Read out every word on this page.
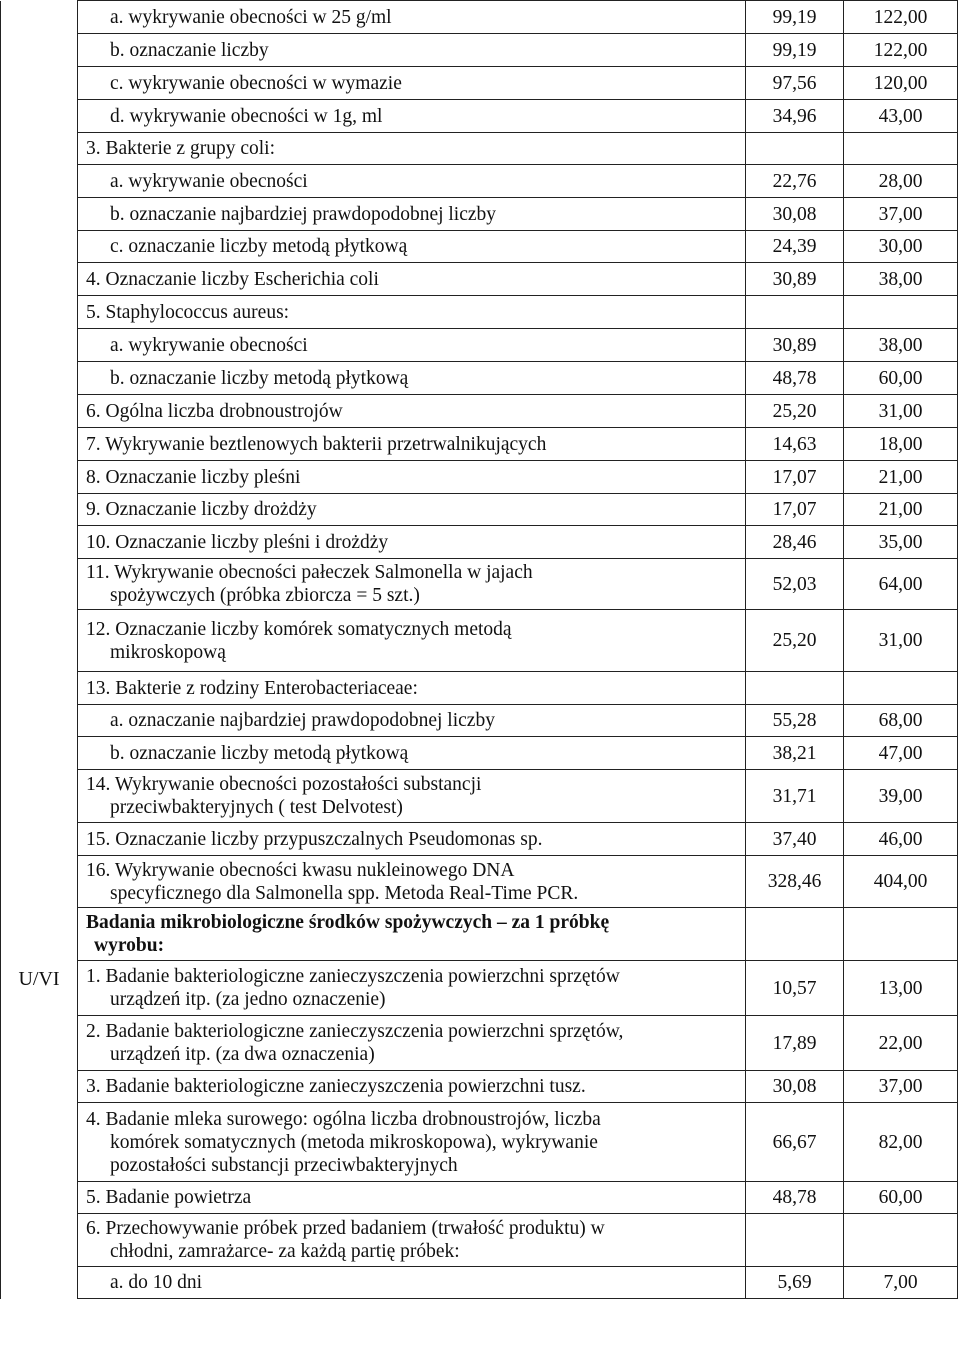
U/VI	a. wykrywanie obecności w 25 g/ml	99,19	122,00
	b. oznaczanie liczby	99,19	122,00
	c. wykrywanie obecności w wymazie	97,56	120,00
	d. wykrywanie obecności w 1g, ml	34,96	43,00
	3. Bakterie z grupy coli:		
	a. wykrywanie obecności	22,76	28,00
	b. oznaczanie najbardziej prawdopodobnej liczby	30,08	37,00
	c. oznaczanie liczby metodą płytkową	24,39	30,00
	4. Oznaczanie liczby Escherichia coli	30,89	38,00
	5. Staphylococcus aureus:		
	a. wykrywanie obecności	30,89	38,00
	b. oznaczanie liczby metodą płytkową	48,78	60,00
	6. Ogólna liczba drobnoustrojów	25,20	31,00
	7. Wykrywanie beztlenowych bakterii przetrwalnikujących	14,63	18,00
	8. Oznaczanie liczby pleśni	17,07	21,00
	9. Oznaczanie liczby drożdży	17,07	21,00
	10. Oznaczanie liczby pleśni i drożdży	28,46	35,00

	11. Wykrywanie obecności pałeczek Salmonella w jajach
spożywczych (próbka zbiorcza = 5 szt.)	52,03	64,00

	12. Oznaczanie liczby komórek somatycznych metodą
mikroskopową	25,20	31,00
	13. Bakterie z rodziny Enterobacteriaceae:		
	a. oznaczanie najbardziej prawdopodobnej liczby	55,28	68,00
	b. oznaczanie liczby metodą płytkową	38,21	47,00

	14. Wykrywanie obecności pozostałości substancji
przeciwbakteryjnych ( test Delvotest)	31,71	39,00
	15. Oznaczanie liczby przypuszczalnych Pseudomonas sp.	37,40	46,00

	16. Wykrywanie obecności kwasu nukleinowego DNA
specyficznego dla Salmonella spp. Metoda Real-Time PCR.	328,46	404,00

	Badania mikrobiologiczne środków spożywczych – za 1 próbkę
wyrobu:		

	1. Badanie bakteriologiczne zanieczyszczenia powierzchni sprzętów
urządzeń itp. (za jedno oznaczenie)	10,57	13,00

	2. Badanie bakteriologiczne zanieczyszczenia powierzchni sprzętów,
urządzeń itp. (za dwa oznaczenia)	17,89	22,00
	3. Badanie bakteriologiczne zanieczyszczenia powierzchni tusz.	30,08	37,00

	4. Badanie mleka surowego: ogólna liczba drobnoustrojów, liczba
komórek somatycznych (metoda mikroskopowa), wykrywanie
pozostałości substancji przeciwbakteryjnych	66,67	82,00
	5. Badanie powietrza	48,78	60,00

	6. Przechowywanie próbek przed badaniem (trwałość produktu) w
chłodni, zamrażarce- za każdą partię próbek:		

	a. do 10 dni	5,69	7,00
